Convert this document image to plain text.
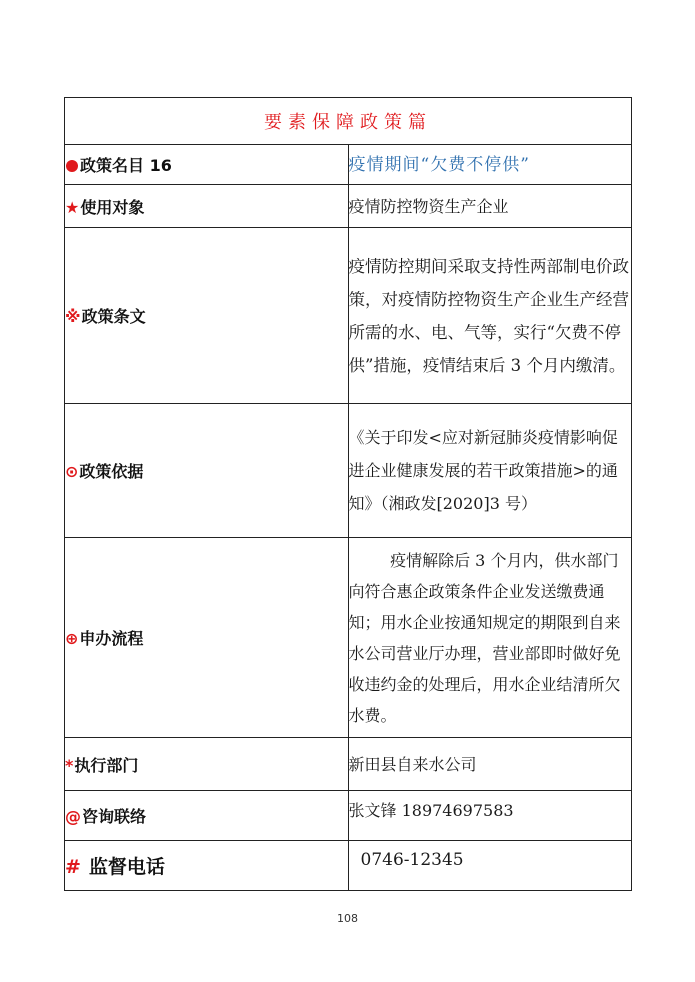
要素保障政策篇	
政策名目 16	疫情期间“欠费不停供”
★使用对象	疫情防控物资生产企业
※政策条文	疫情防控期间采取支持性两部制电价政策，对疫情防控物资生产企业生产经营所需的水、电、气等，实行“欠费不停供”措施，疫情结束后 3 个月内缴清。
⊙政策依据	《关于印发<应对新冠肺炎疫情影响促进企业健康发展的若干政策措施>的通知》（湘政发[2020]3 号）
⊕申办流程	疫情解除后 3 个月内，供水部门向符合惠企政策条件企业发送缴费通知；用水企业按通知规定的期限到自来水公司营业厅办理，营业部即时做好免收违约金的处理后，用水企业结清所欠水费。
*执行部门	新田县自来水公司
@咨询联络	张文锋 18974697583
# 监督电话	0746-12345
108
